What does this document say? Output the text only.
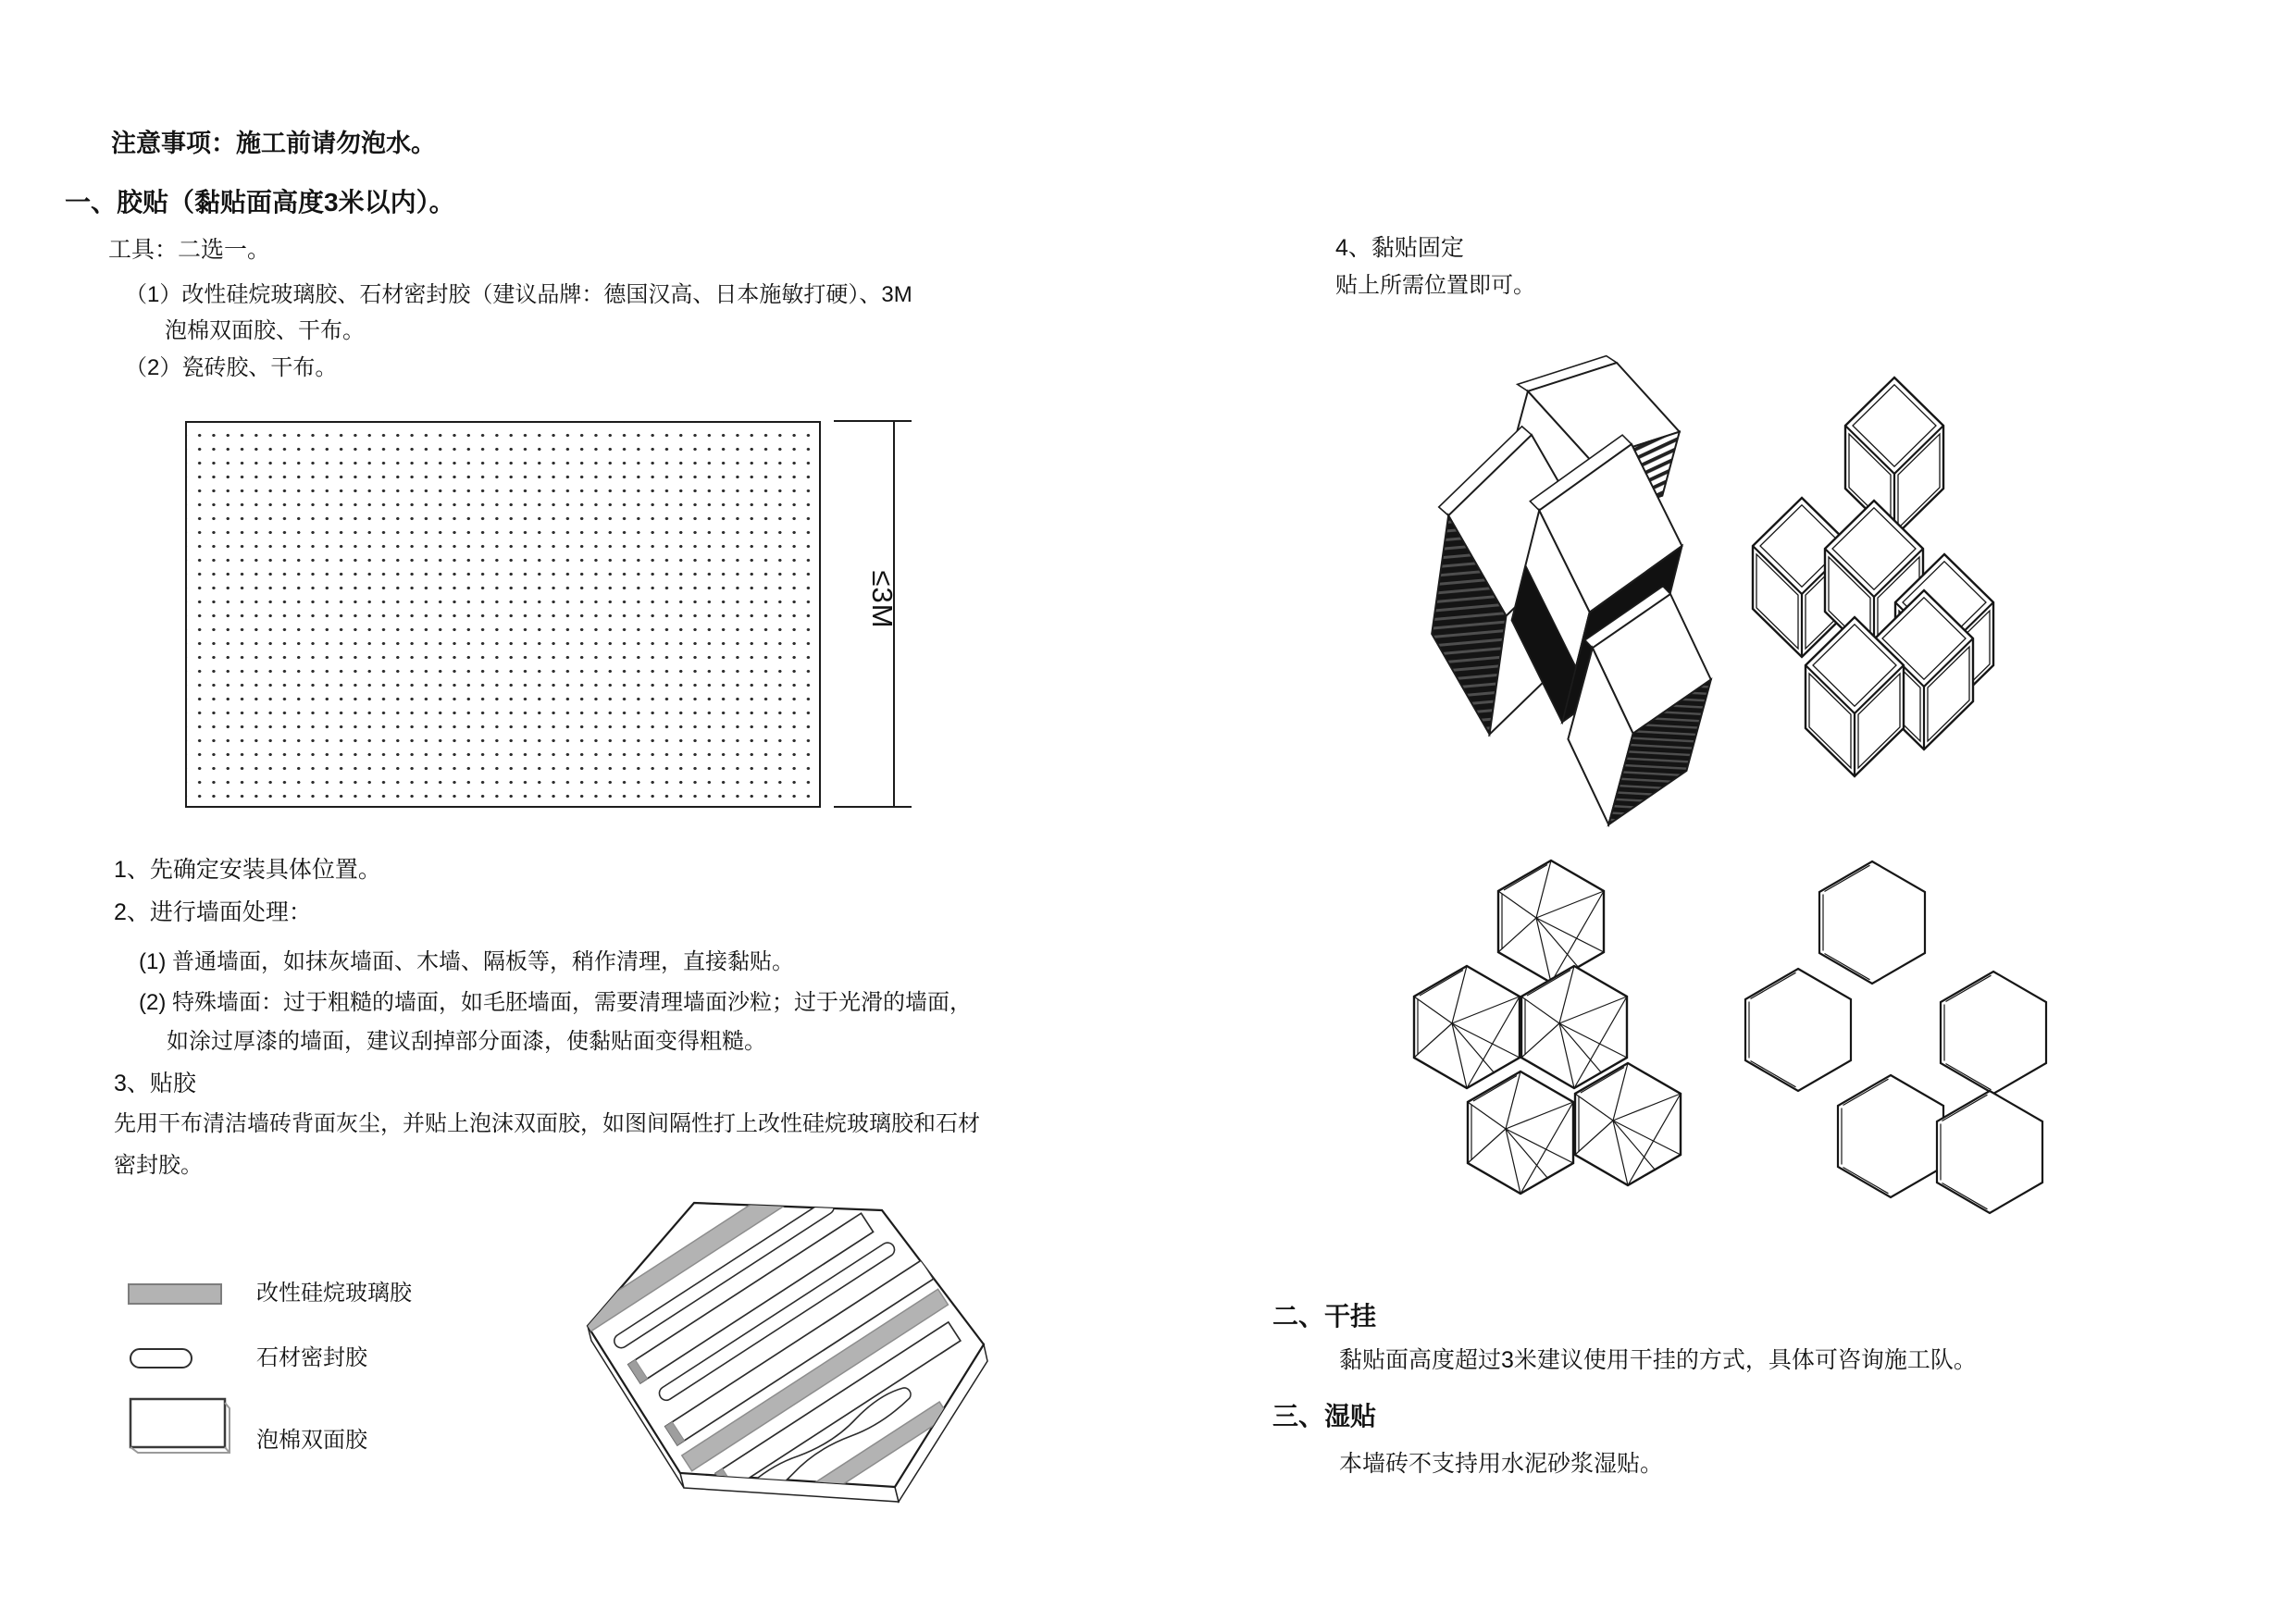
注意事项：施工前请勿泡水。
一、胶贴（黏贴面高度3米以内）。
工具：二选一。
（1）改性硅烷玻璃胶、石材密封胶（建议品牌：德国汉高、日本施敏打硬）、3M
泡棉双面胶、干布。
（2）瓷砖胶、干布。
≤3M
1、先确定安装具体位置。
2、进行墙面处理：
(1) 普通墙面，如抹灰墙面、木墙、隔板等，稍作清理，直接黏贴。
(2) 特殊墙面：过于粗糙的墙面，如毛胚墙面，需要清理墙面沙粒；过于光滑的墙面，
如涂过厚漆的墙面，建议刮掉部分面漆，使黏贴面变得粗糙。
3、贴胶
先用干布清洁墙砖背面灰尘，并贴上泡沫双面胶，如图间隔性打上改性硅烷玻璃胶和石材
密封胶。
改性硅烷玻璃胶
石材密封胶
泡棉双面胶
4、黏贴固定
贴上所需位置即可。
二、干挂
黏贴面高度超过3米建议使用干挂的方式，具体可咨询施工队。
三、湿贴
本墙砖不支持用水泥砂浆湿贴。
